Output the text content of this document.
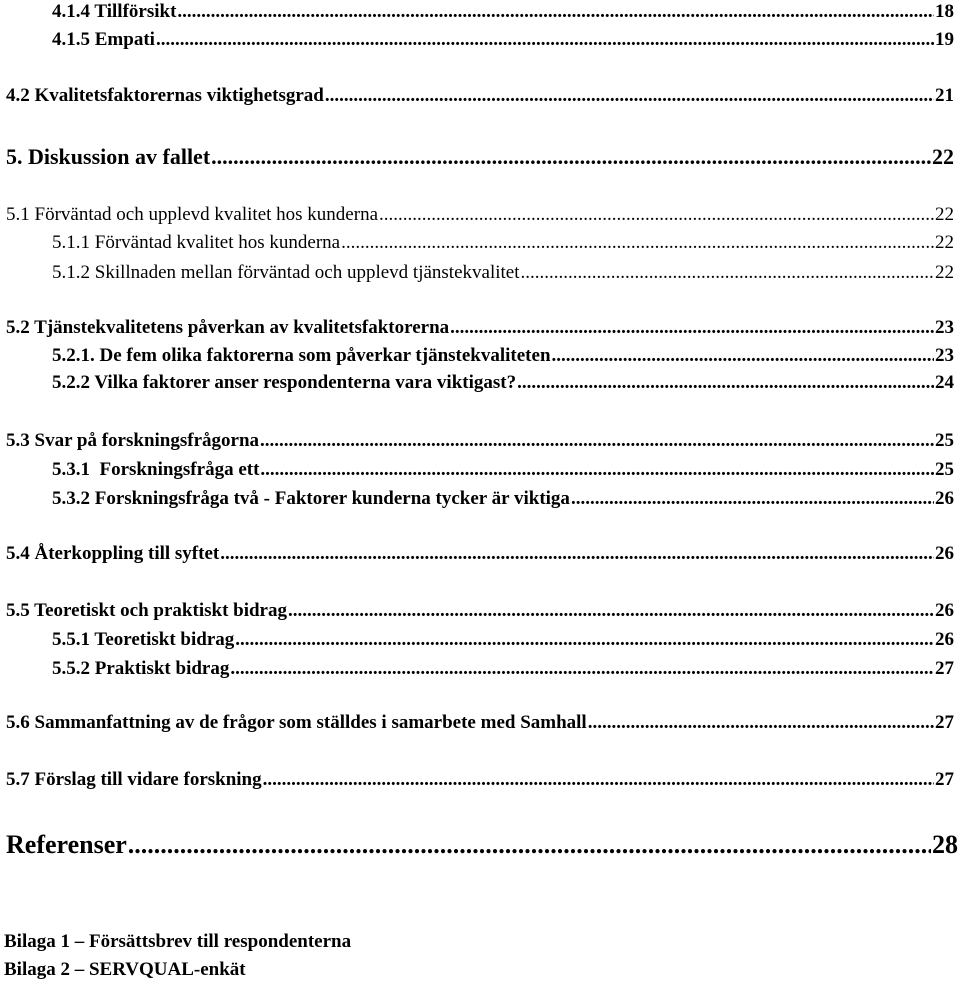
4.1.4 Tillförsikt .....	18
4.1.5 Empati .....	19
4.2 Kvalitetsfaktorernas viktighetsgrad .....	21
5. Diskussion av fallet .....	22
5.1 Förväntad och upplevd kvalitet hos kunderna .....	22
5.1.1 Förväntad kvalitet hos kunderna .....	22
5.1.2 Skillnaden mellan förväntad och upplevd tjänstekvalitet .....	22
5.2 Tjänstekvalitetens påverkan av kvalitetsfaktorerna .....	23
5.2.1. De fem olika faktorerna som påverkar tjänstekvaliteten .....	23
5.2.2 Vilka faktorer anser respondenterna vara viktigast? .....	24
5.3 Svar på forskningsfrågorna .....	25
5.3.1  Forskningsfråga ett .....	25
5.3.2 Forskningsfråga två - Faktorer kunderna tycker är viktiga .....	26
5.4 Återkoppling till syftet .....	26
5.5 Teoretiskt och praktiskt bidrag .....	26
5.5.1 Teoretiskt bidrag .....	26
5.5.2 Praktiskt bidrag .....	27
5.6 Sammanfattning av de frågor som ställdes i samarbete med Samhall .....	27
5.7 Förslag till vidare forskning .....	27
Referenser .....	28
Bilaga 1 – Försättsbrev till respondenterna
Bilaga 2 – SERVQUAL-enkät
